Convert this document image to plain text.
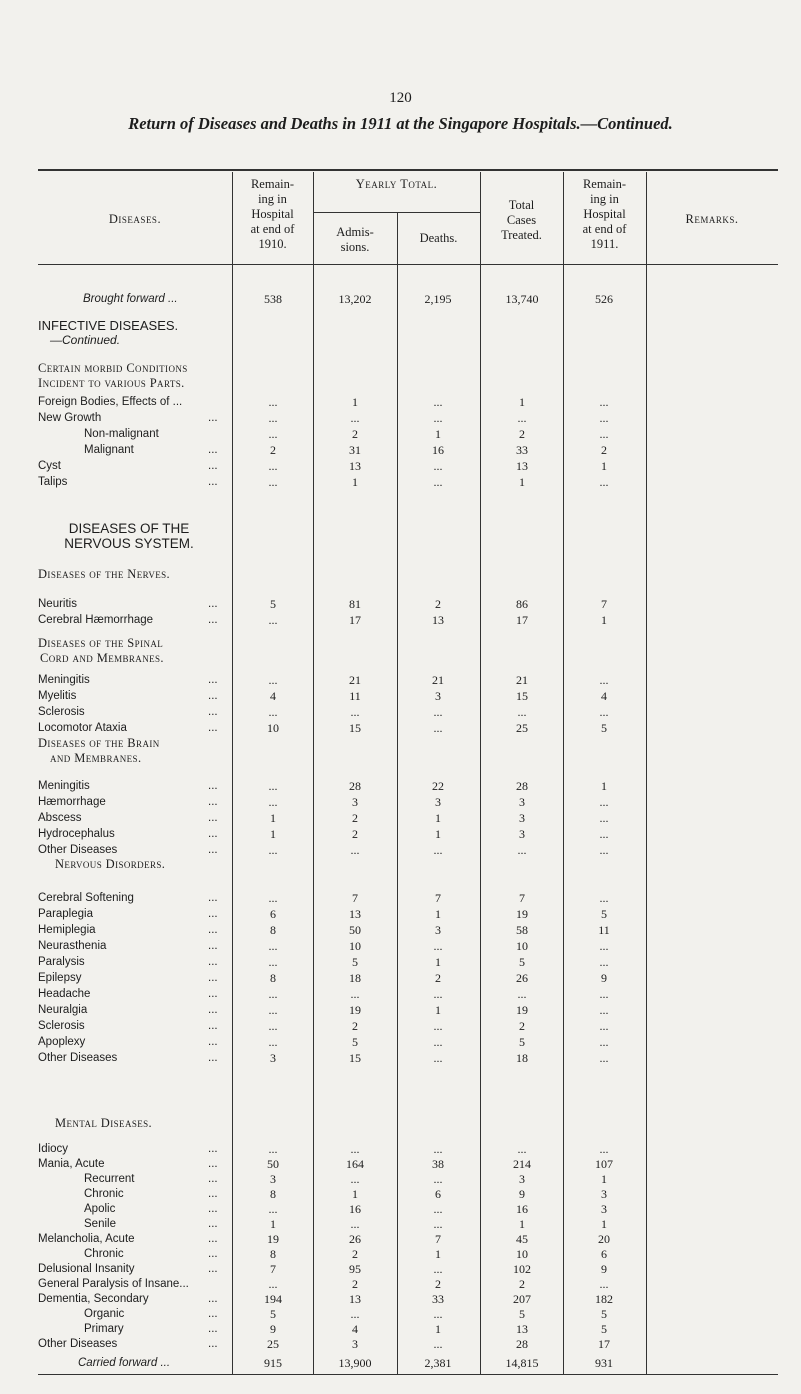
120
Return of Diseases and Deaths in 1911 at the Singapore Hospitals.—Continued.
Diseases.
Remain-
ing in
Hospital
at end of
1910.
Yearly Total.
Admis-
sions.
Deaths.
Total
Cases
Treated.
Remain-
ing in
Hospital
at end of
1911.
Remarks.
Brought forward ...	538	13,202	2,195	13,740	526
INFECTIVE DISEASES.
—Continued.
Certain morbid Conditions
Incident to various Parts.
DISEASES OF THE
NERVOUS SYSTEM.
Diseases of the Nerves.
Diseases of the Spinal
Cord and Membranes.
Diseases of the Brain
and Membranes.
Nervous Disorders.
Mental Diseases.
Foreign Bodies, Effects of ...	...	1	...	1	...
New Growth	...	...	...	...	...	...
Non-malignant	...	2	1	2	...
Malignant	...	2	31	16	33	2
Cyst	...	...	13	...	13	1
Talips	...	...	1	...	1	...
Neuritis	...	5	81	2	86	7
Cerebral Hæmorrhage	...	...	17	13	17	1
Meningitis	...	...	21	21	21	...
Myelitis	...	4	11	3	15	4
Sclerosis	...	...	...	...	...	...
Locomotor Ataxia	...	10	15	...	25	5
Meningitis	...	...	28	22	28	1
Hæmorrhage	...	...	3	3	3	...
Abscess	...	1	2	1	3	...
Hydrocephalus	...	1	2	1	3	...
Other Diseases	...	...	...	...	...	...
Cerebral Softening	...	...	7	7	7	...
Paraplegia	...	6	13	1	19	5
Hemiplegia	...	8	50	3	58	11
Neurasthenia	...	...	10	...	10	...
Paralysis	...	...	5	1	5	...
Epilepsy	...	8	18	2	26	9
Headache	...	...	...	...	...	...
Neuralgia	...	...	19	1	19	...
Sclerosis	...	...	2	...	2	...
Apoplexy	...	...	5	...	5	...
Other Diseases	...	3	15	...	18	...
Idiocy	...	...	...	...	...	...
Mania, Acute	...	50	164	38	214	107
Recurrent	...	3	...	...	3	1
Chronic	...	8	1	6	9	3
Apolic	...	...	16	...	16	3
Senile	...	1	...	...	1	1
Melancholia, Acute	...	19	26	7	45	20
Chronic	...	8	2	1	10	6
Delusional Insanity	...	7	95	...	102	9
General Paralysis of Insane...	...	2	2	2	...
Dementia, Secondary	...	194	13	33	207	182
Organic	...	5	...	...	5	5
Primary	...	9	4	1	13	5
Other Diseases	...	25	3	...	28	17
Carried forward ...	915	13,900	2,381	14,815	931
